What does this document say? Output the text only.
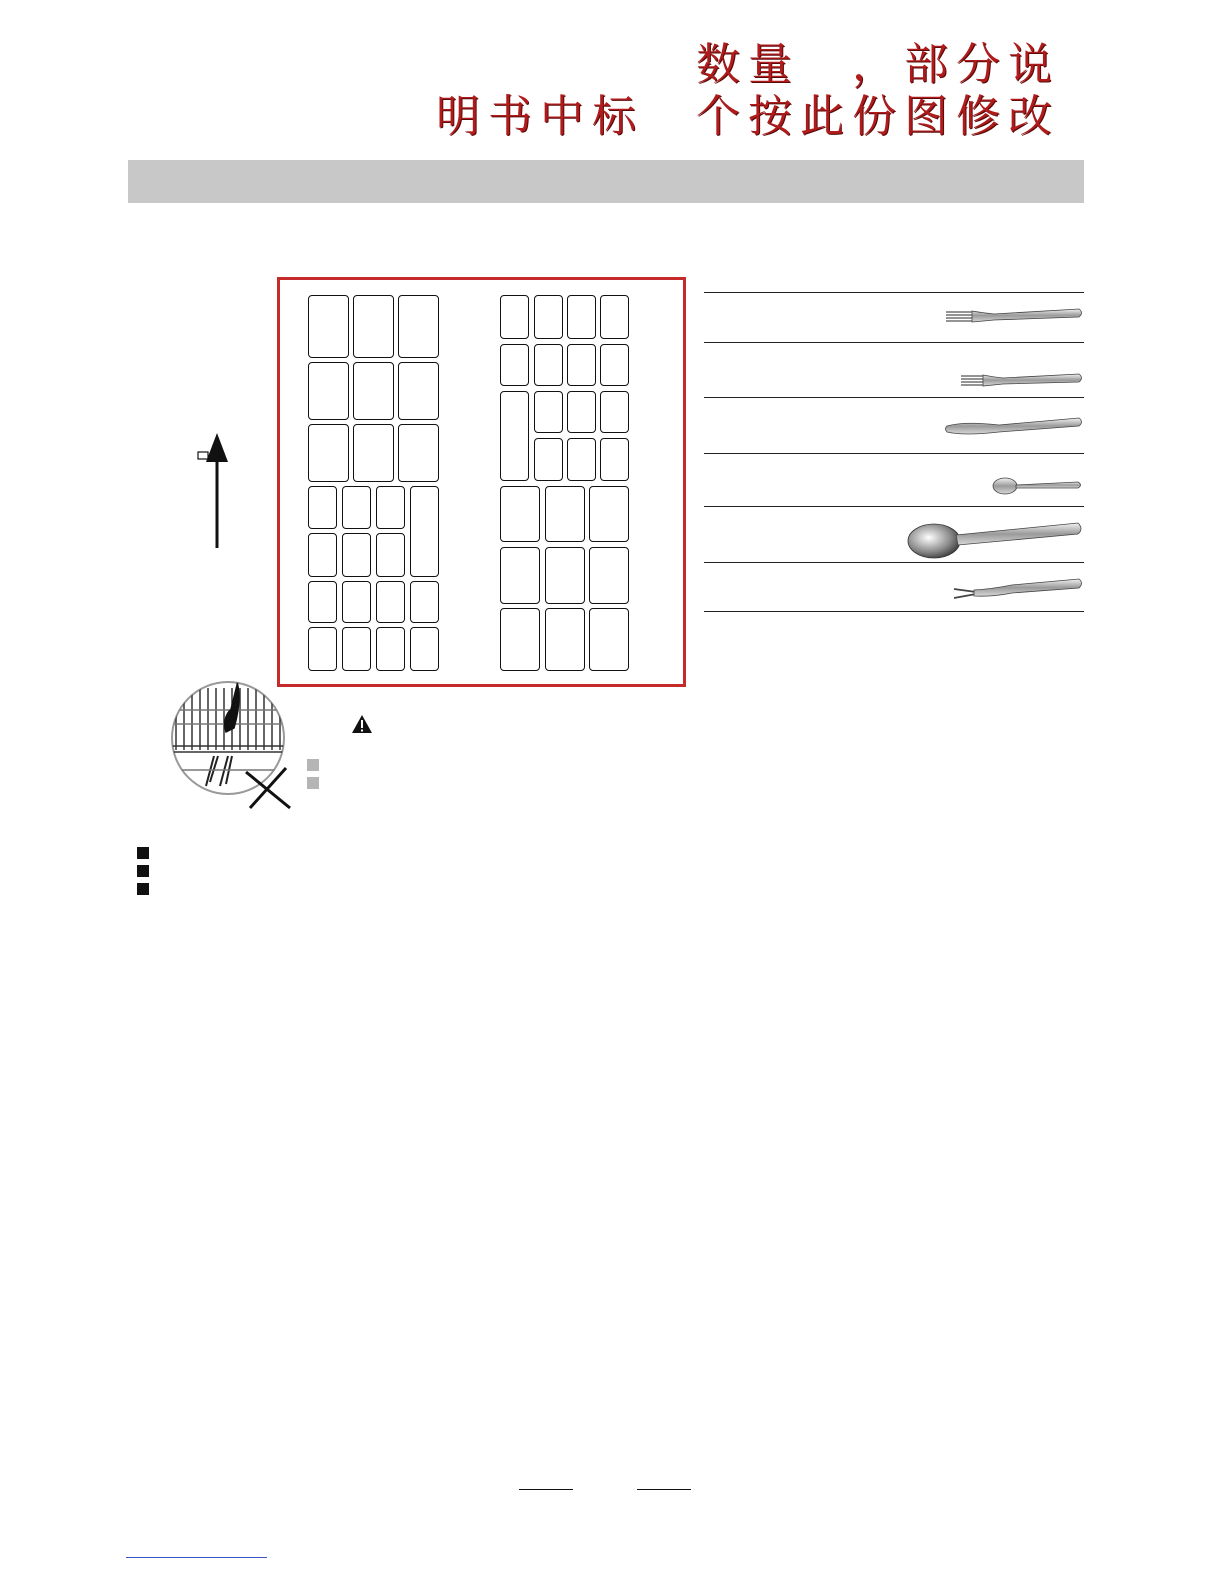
数量　，部分说
明书中标　个按此份图修改
